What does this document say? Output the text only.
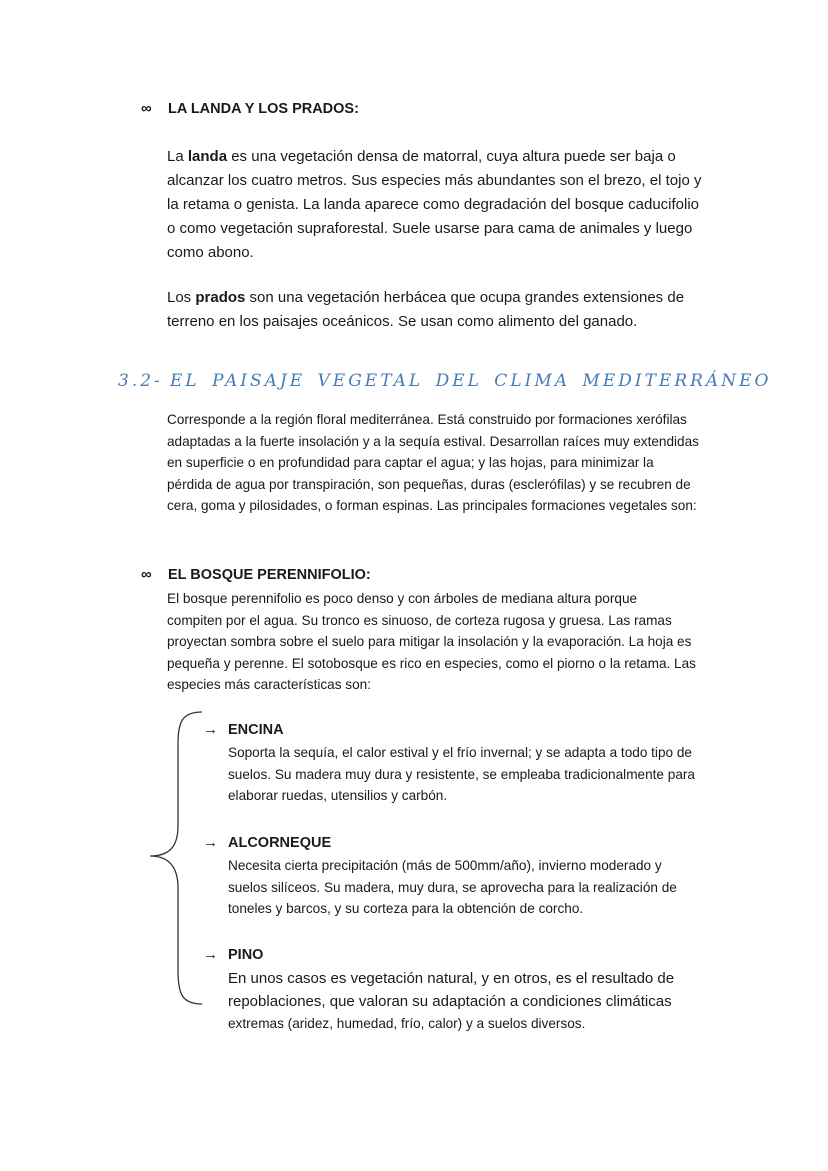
∞ LA LANDA Y LOS PRADOS:
La landa es una vegetación densa de matorral, cuya altura puede ser baja o
alcanzar los cuatro metros. Sus especies más abundantes son el brezo, el tojo y
la retama o genista. La landa aparece como degradación del bosque caducifolio
o como vegetación supraforestal. Suele usarse para cama de animales y luego
como abono.
Los prados son una vegetación herbácea que ocupa grandes extensiones de
terreno en los paisajes oceánicos. Se usan como alimento del ganado.
3.2- EL PAISAJE VEGETAL DEL CLIMA MEDITERRÁNEO
Corresponde a la región floral mediterránea. Está construido por formaciones xerófilas
adaptadas a la fuerte insolación y a la sequía estival. Desarrollan raíces muy extendidas
en superficie o en profundidad para captar el agua; y las hojas, para minimizar la
pérdida de agua por transpiración, son pequeñas, duras (esclerófilas) y se recubren de
cera, goma y pilosidades, o forman espinas. Las principales formaciones vegetales son:
∞ EL BOSQUE PERENNIFOLIO:
El bosque perennifolio es poco denso y con árboles de mediana altura porque
compiten por el agua. Su tronco es sinuoso, de corteza rugosa y gruesa. Las ramas
proyectan sombra sobre el suelo para mitigar la insolación y la evaporación. La hoja es
pequeña y perenne. El sotobosque es rico en especies, como el piorno o la retama. Las
especies más características son:
→ ENCINA
Soporta la sequía, el calor estival y el frío invernal; y se adapta a todo tipo de
suelos. Su madera muy dura y resistente, se empleaba tradicionalmente para
elaborar ruedas, utensilios y carbón.
→ ALCORNEQUE
Necesita cierta precipitación (más de 500mm/año), invierno moderado y
suelos silíceos. Su madera, muy dura, se aprovecha para la realización de
toneles y barcos, y su corteza para la obtención de corcho.
→ PINO
En unos casos es vegetación natural, y en otros, es el resultado de
repoblaciones, que valoran su adaptación a condiciones climáticas
extremas (aridez, humedad, frío, calor) y a suelos diversos.
